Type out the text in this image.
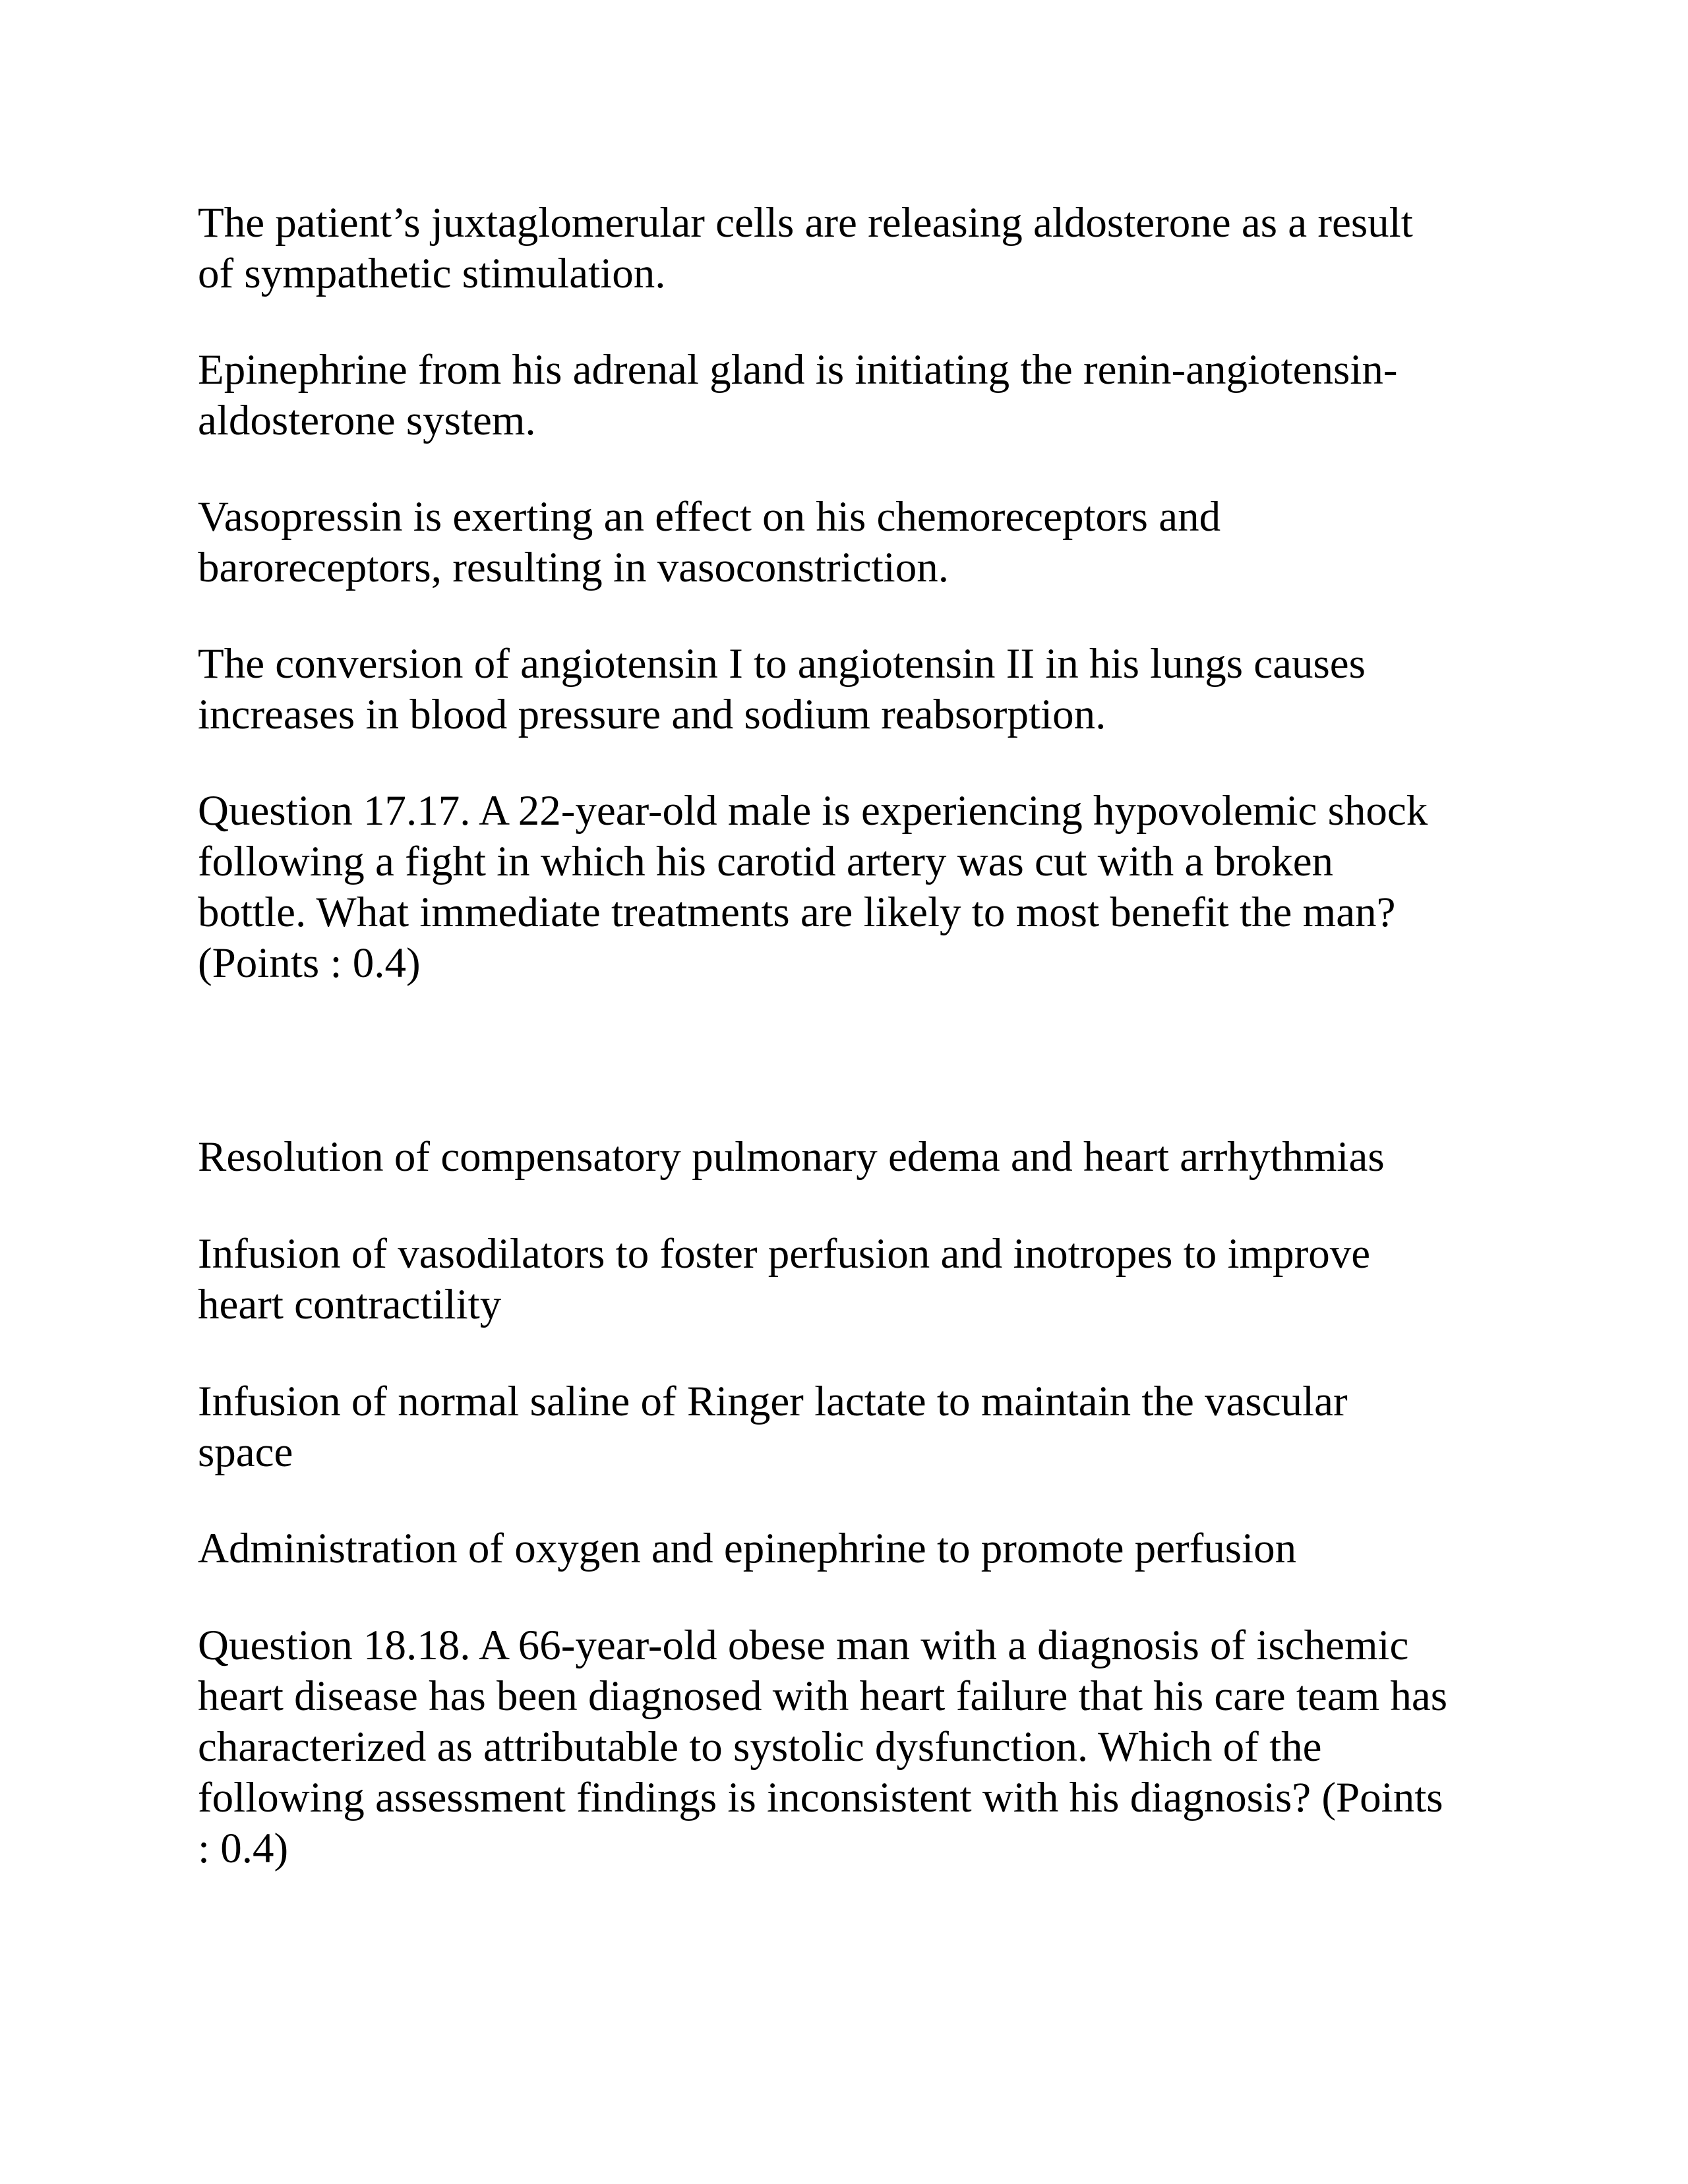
The patient’s juxtaglomerular cells are releasing aldosterone as a result
of sympathetic stimulation.

Epinephrine from his adrenal gland is initiating the renin-angiotensin-
aldosterone system.

Vasopressin is exerting an effect on his chemoreceptors and
baroreceptors, resulting in vasoconstriction.

The conversion of angiotensin I to angiotensin II in his lungs causes
increases in blood pressure and sodium reabsorption.

Question 17.17. A 22-year-old male is experiencing hypovolemic shock
following a fight in which his carotid artery was cut with a broken
bottle. What immediate treatments are likely to most benefit the man?
(Points : 0.4)

Resolution of compensatory pulmonary edema and heart arrhythmias

Infusion of vasodilators to foster perfusion and inotropes to improve
heart contractility

Infusion of normal saline of Ringer lactate to maintain the vascular
space

Administration of oxygen and epinephrine to promote perfusion

Question 18.18. A 66-year-old obese man with a diagnosis of ischemic
heart disease has been diagnosed with heart failure that his care team has
characterized as attributable to systolic dysfunction. Which of the
following assessment findings is inconsistent with his diagnosis? (Points
: 0.4)
